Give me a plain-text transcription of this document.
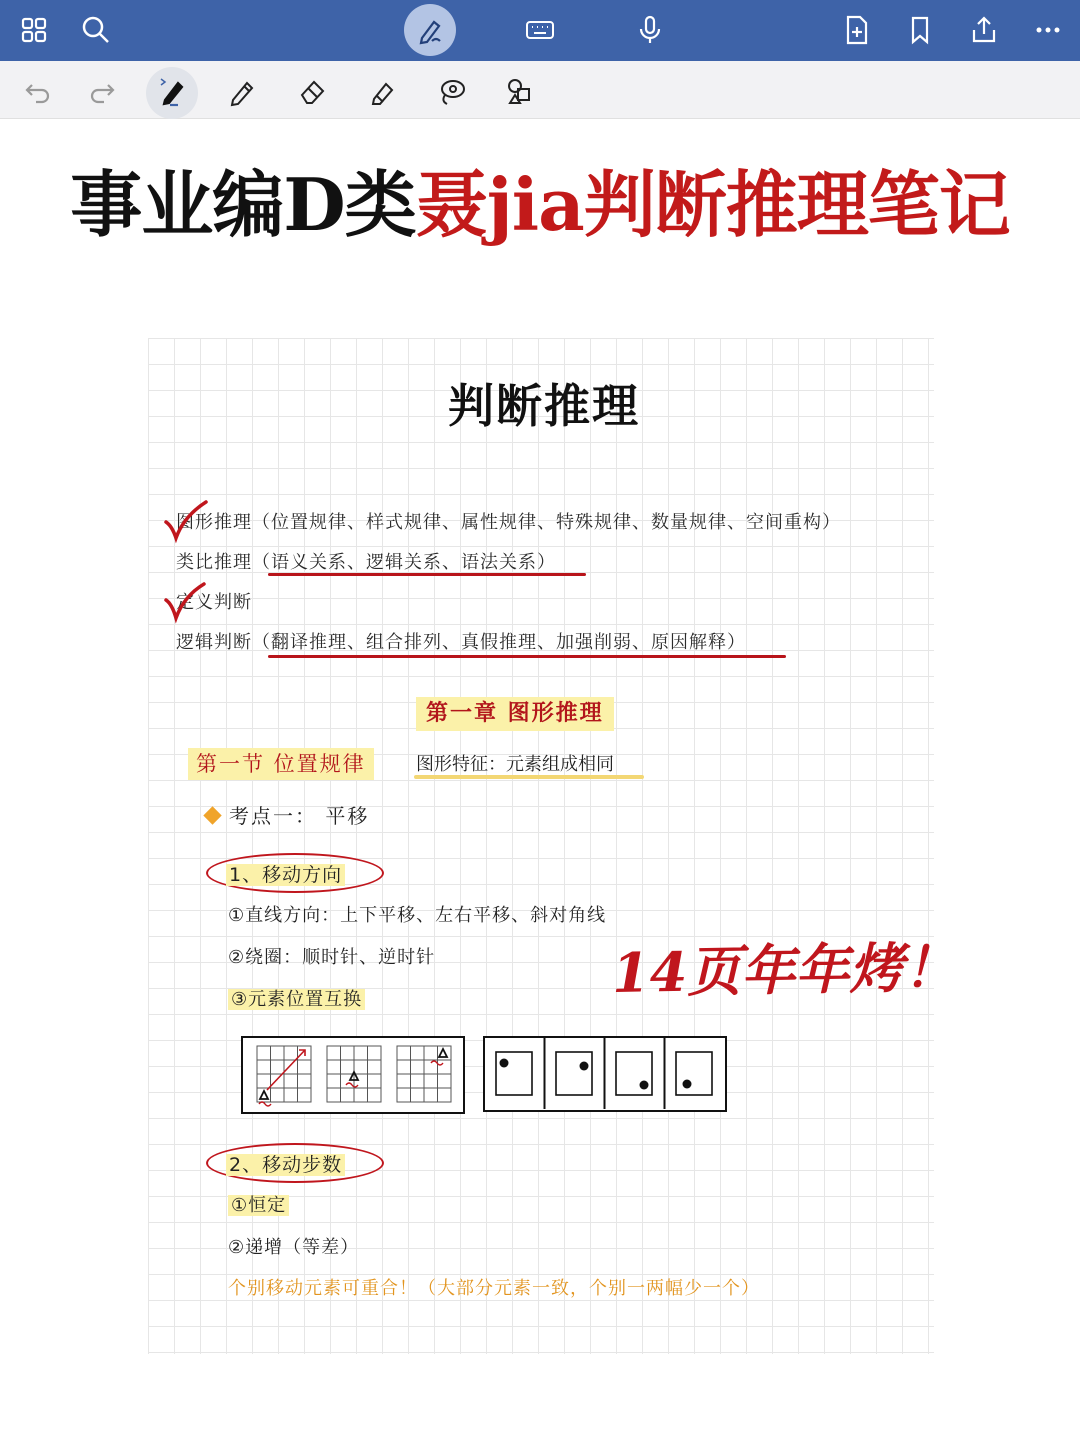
事业编D类聂jia判断推理笔记
判断推理
图形推理（位置规律、样式规律、属性规律、特殊规律、数量规律、空间重构）
类比推理（语义关系、逻辑关系、语法关系）
定义判断
逻辑判断（翻译推理、组合排列、真假推理、加强削弱、原因解释）
第一章 图形推理
第一节 位置规律	图形特征：元素组成相同
考点一： 平移
1、移动方向
①直线方向：上下平移、左右平移、斜对角线
②绕圈：顺时针、逆时针
③元素位置互换	14页年年烤！
2、移动步数
①恒定
②递增（等差）
个别移动元素可重合！（大部分元素一致，个别一两幅少一个）
